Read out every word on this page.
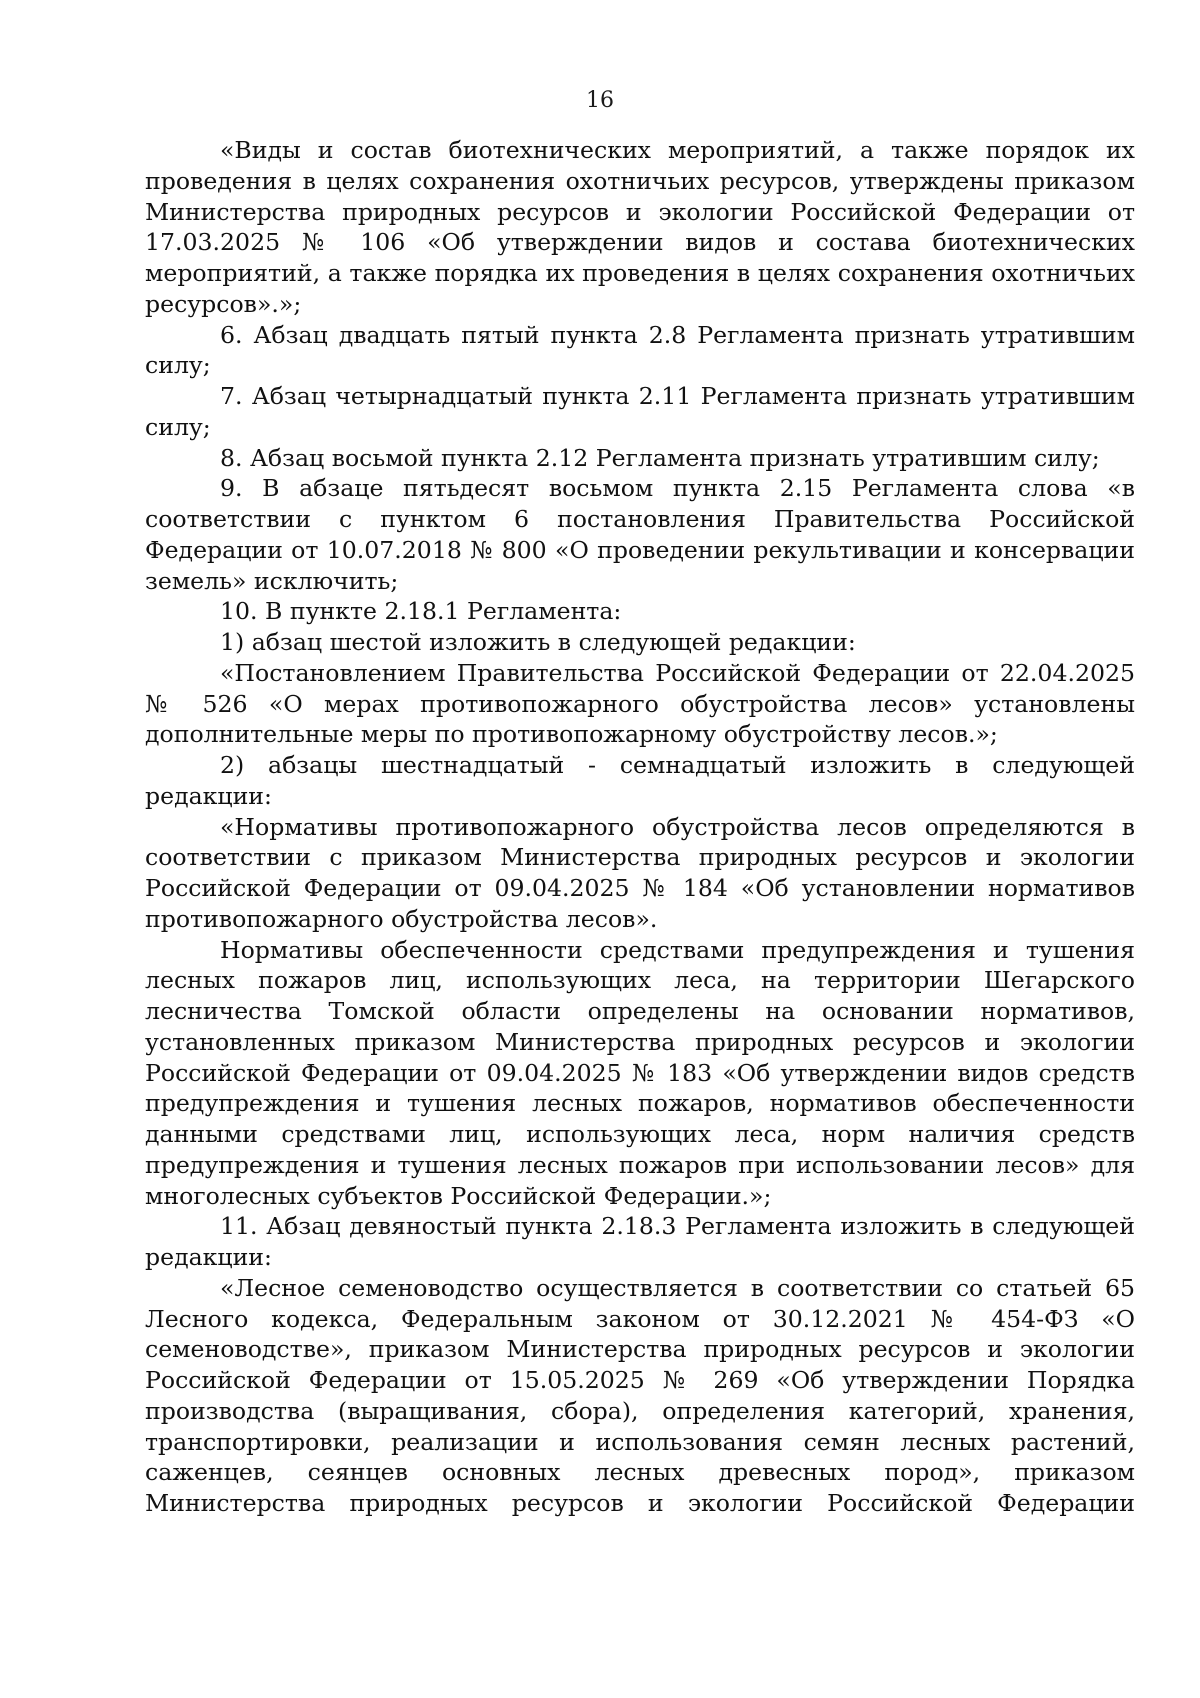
16

«Виды и состав биотехнических мероприятий, а также порядок их проведения в целях сохранения охотничьих ресурсов, утверждены приказом Министерства природных ресурсов и экологии Российской Федерации от 17.03.2025 № 106 «Об утверждении видов и состава биотехнических мероприятий, а также порядка их проведения в целях сохранения охотничьих ресурсов».»;

6. Абзац двадцать пятый пункта 2.8 Регламента признать утратившим силу;

7. Абзац четырнадцатый пункта 2.11 Регламента признать утратившим силу;

8. Абзац восьмой пункта 2.12 Регламента признать утратившим силу;

9. В абзаце пятьдесят восьмом пункта 2.15 Регламента слова «в соответствии с пунктом 6 постановления Правительства Российской Федерации от 10.07.2018 № 800 «О проведении рекультивации и консервации земель» исключить;

10. В пункте 2.18.1 Регламента:

1) абзац шестой изложить в следующей редакции:

«Постановлением Правительства Российской Федерации от 22.04.2025 № 526 «О мерах противопожарного обустройства лесов» установлены дополнительные меры по противопожарному обустройству лесов.»;

2) абзацы шестнадцатый - семнадцатый изложить в следующей редакции:

«Нормативы противопожарного обустройства лесов определяются в соответствии с приказом Министерства природных ресурсов и экологии Российской Федерации от 09.04.2025 № 184 «Об установлении нормативов противопожарного обустройства лесов».

Нормативы обеспеченности средствами предупреждения и тушения лесных пожаров лиц, использующих леса, на территории Шегарского лесничества Томской области определены на основании нормативов, установленных приказом Министерства природных ресурсов и экологии Российской Федерации от 09.04.2025 № 183 «Об утверждении видов средств предупреждения и тушения лесных пожаров, нормативов обеспеченности данными средствами лиц, использующих леса, норм наличия средств предупреждения и тушения лесных пожаров при использовании лесов» для многолесных субъектов Российской Федерации.»;

11. Абзац девяностый пункта 2.18.3 Регламента изложить в следующей редакции:

«Лесное семеноводство осуществляется в соответствии со статьей 65 Лесного кодекса, Федеральным законом от 30.12.2021 № 454-ФЗ «О семеноводстве», приказом Министерства природных ресурсов и экологии Российской Федерации от 15.05.2025 № 269 «Об утверждении Порядка производства (выращивания, сбора), определения категорий, хранения, транспортировки, реализации и использования семян лесных растений, саженцев, сеянцев основных лесных древесных пород», приказом Министерства природных ресурсов и экологии Российской Федерации
